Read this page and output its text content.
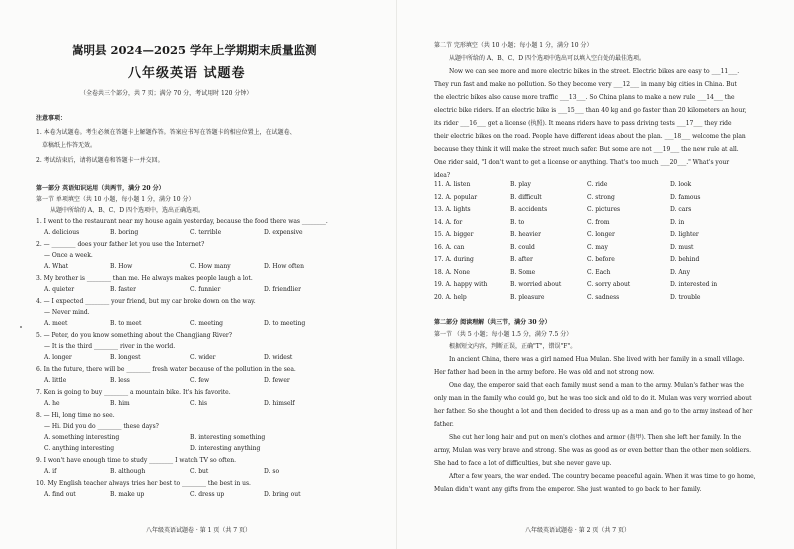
嵩明县 2024—2025 学年上学期期末质量监测
八年级英语 试题卷
（全卷共三个部分，共 7 页；满分 70 分，考试用时 120 分钟）
注意事项：
1. 本卷为试题卷。考生必须在答题卡上解题作答。答案应书写在答题卡的相应位置上，在试题卷、
草稿纸上作答无效。
2. 考试结束后，请将试题卷和答题卡一并交回。
第一部分 英语知识运用（共两节，满分 20 分）
第一节 单项填空（共 10 小题，每小题 1 分，满分 10 分）
从题中所给的 A、B、C、D 四个选项中，选出正确选项。
1. I went to the restaurant near my house again yesterday, because the food there was ________.
A. delicious	B. boring	C. terrible	D. expensive
2. — ________ does your father let you use the Internet?
— Once a week.
A. What	B. How	C. How many	D. How often
3. My brother is ________ than me. He always makes people laugh a lot.
A. quieter	B. faster	C. funnier	D. friendlier
4. — I expected ________ your friend, but my car broke down on the way.
— Never mind.
A. meet	B. to meet	C. meeting	D. to meeting
5. — Peter, do you know something about the Changjiang River?
— It is the third ________ river in the world.
A. longer	B. longest	C. wider	D. widest
6. In the future, there will be ________ fresh water because of the pollution in the sea.
A. little	B. less	C. few	D. fewer
7. Ken is going to buy ________ a mountain bike. It's his favorite.
A. he	B. him	C. his	D. himself
8. — Hi, long time no see.
— Hi. Did you do ________ these days?
A. something interesting	B. interesting something
C. anything interesting	D. interesting anything
9. I won't have enough time to study ________ I watch TV so often.
A. if	B. although	C. but	D. so
10. My English teacher always tries her best to ________ the best in us.
A. find out	B. make up	C. dress up	D. bring out
八年级英语试题卷 · 第 1 页（共 7 页）
第二节 完形填空（共 10 小题；每小题 1 分，满分 10 分）
从题中所给的 A、B、C、D 四个选项中选出可以填入空白处的最佳选项。
Now we can see more and more electric bikes in the street. Electric bikes are easy to ___11___.
They run fast and make no pollution. So they become very ___12___ in many big cities in China. But
the electric bikes also cause more traffic ___13___. So China plans to make a new rule ___14___ the
electric bike riders. If an electric bike is ___15___ than 40 kg and go faster than 20 kilometers an hour,
its rider ___16___ get a license (执照). It means riders have to pass driving tests ___17___ they ride
their electric bikes on the road. People have different ideas about the plan. ___18___ welcome the plan
because they think it will make the street much safer. But some are not ___19___ the new rule at all.
One rider said, "I don't want to get a license or anything. That's too much ___20___." What's your
idea?
11. A. listen	B. play	C. ride	D. look
12. A. popular	B. difficult	C. strong	D. famous
13. A. lights	B. accidents	C. pictures	D. cars
14. A. for	B. to	C. from	D. in
15. A. bigger	B. heavier	C. longer	D. lighter
16. A. can	B. could	C. may	D. must
17. A. during	B. after	C. before	D. behind
18. A. None	B. Some	C. Each	D. Any
19. A. happy with	B. worried about	C. sorry about	D. interested in
20. A. help	B. pleasure	C. sadness	D. trouble
第二部分 阅读理解（共三节，满分 30 分）
第一节 （共 5 小题；每小题 1.5 分，满分 7.5 分）
根据短文内容，判断正误，正确"T"，错误"F"。
In ancient China, there was a girl named Hua Mulan. She lived with her family in a small village.
Her father had been in the army before. He was old and not strong now.
One day, the emperor said that each family must send a man to the army. Mulan's father was the
only man in the family who could go, but he was too sick and old to do it. Mulan was very worried about
her father. So she thought a lot and then decided to dress up as a man and go to the army instead of her
father.
She cut her long hair and put on men's clothes and armor (盔甲). Then she left her family. In the
army, Mulan was very brave and strong. She was as good as or even better than the other men soldiers.
She had to face a lot of difficulties, but she never gave up.
After a few years, the war ended. The country became peaceful again. When it was time to go home,
Mulan didn't want any gifts from the emperor. She just wanted to go back to her family.
八年级英语试题卷 · 第 2 页（共 7 页）
